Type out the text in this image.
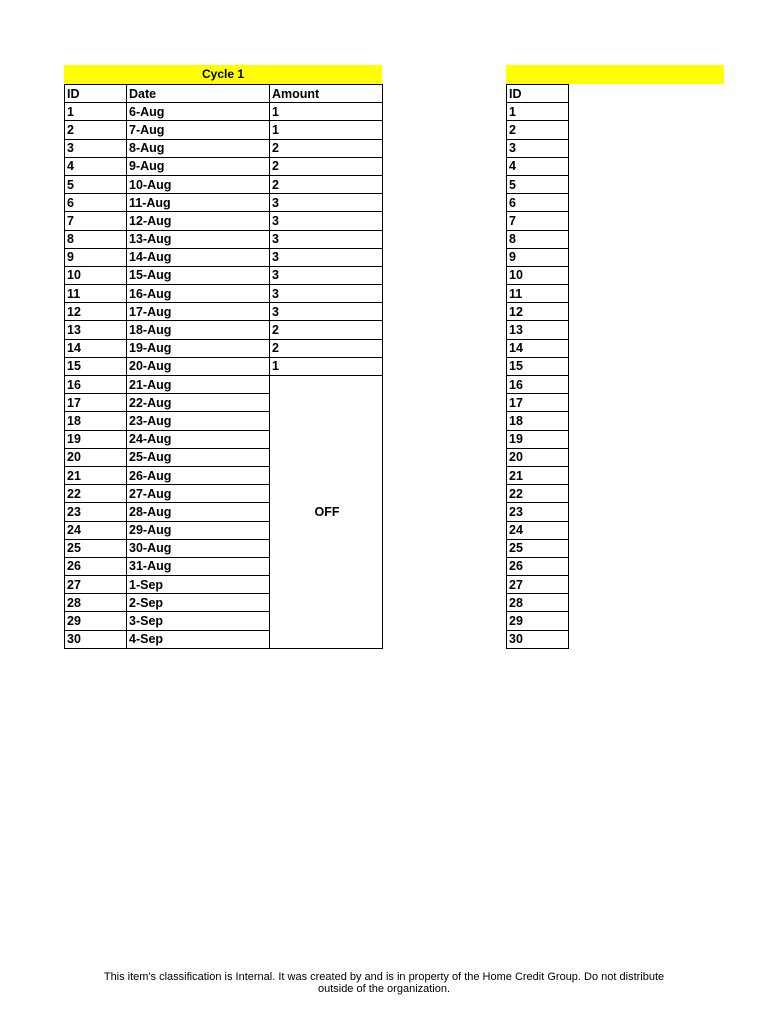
Cycle 1
ID	Date	Amount
1	6-Aug	1
2	7-Aug	1
3	8-Aug	2
4	9-Aug	2
5	10-Aug	2
6	11-Aug	3
7	12-Aug	3
8	13-Aug	3
9	14-Aug	3
10	15-Aug	3
11	16-Aug	3
12	17-Aug	3
13	18-Aug	2
14	19-Aug	2
15	20-Aug	1
16	21-Aug	OFF
17	22-Aug	
18	23-Aug	
19	24-Aug	
20	25-Aug	
21	26-Aug	
22	27-Aug	
23	28-Aug	
24	29-Aug	
25	30-Aug	
26	31-Aug	
27	1-Sep	
28	2-Sep	
29	3-Sep	
30	4-Sep	
ID
1
2
3
4
5
6
7
8
9
10
11
12
13
14
15
16
17
18
19
20
21
22
23
24
25
26
27
28
29
30
This item's classification is Internal. It was created by and is in property of the Home Credit Group. Do not distribute
outside of the organization.
